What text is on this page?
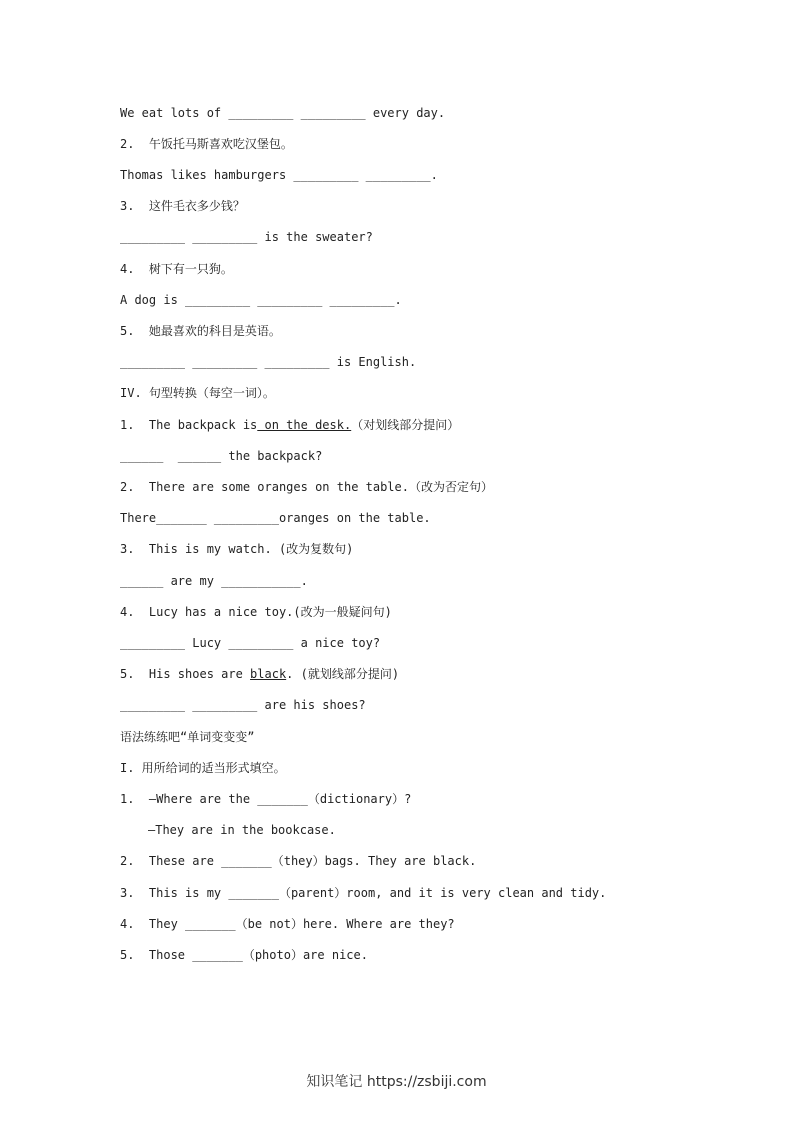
We eat lots of _________ _________ every day.
2.  午饭托马斯喜欢吃汉堡包。
Thomas likes hamburgers _________ _________.
3.  这件毛衣多少钱？
_________ _________ is the sweater?
4.  树下有一只狗。
A dog is _________ _________ _________.
5.  她最喜欢的科目是英语。
_________ _________ _________ is English.
IV. 句型转换（每空一词）。
1.  The backpack is on the desk.（对划线部分提问）
______  ______ the backpack?
2.  There are some oranges on the table.（改为否定句）
There_______ _________oranges on the table.
3.  This is my watch. (改为复数句)
______ are my ___________.
4.  Lucy has a nice toy.(改为一般疑问句)
_________ Lucy _________ a nice toy?
5.  His shoes are black. (就划线部分提问)
_________ _________ are his shoes?
语法练练吧“单词变变变”
I. 用所给词的适当形式填空。
1.  —Where are the _______（dictionary）?
—They are in the bookcase.
2.  These are _______（they）bags. They are black.
3.  This is my _______（parent）room, and it is very clean and tidy.
4.  They _______（be not）here. Where are they?
5.  Those _______（photo）are nice.
知识笔记 https://zsbiji.com
